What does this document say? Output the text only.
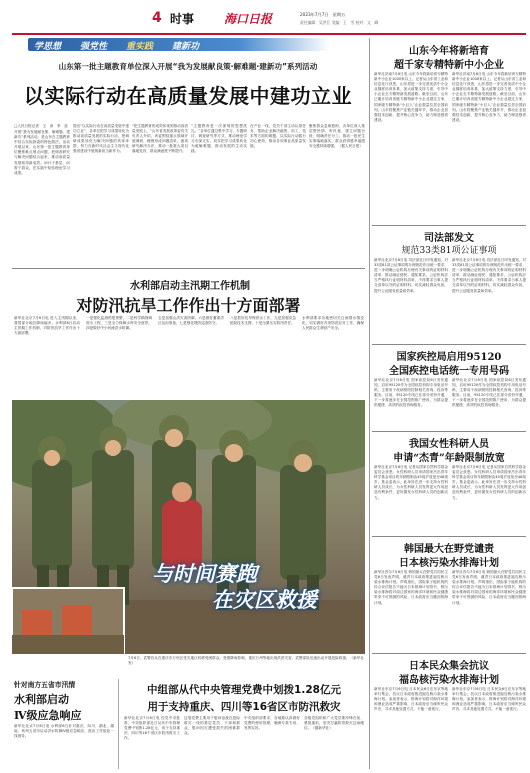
4 时事 海口日报	2023年7月7日　星期五
责任编辑：吴洪江 美编：王　雪 校对：文　峰
学思想 强党性 重实践 建新功
山东第一批主题教育单位深入开展“我为发展献良策·解难题·建新功”系列活动
以实际行动在高质量发展中建功立业
□人民日报记者　王　沛　李　蕊
开展“我为发展献良策、解难题、建新功”系列活动，是山东在主题教育中结合实际探索的特色做法。活动开展以来，山东第一批主题教育单位聚焦难点堵点问题，把调查研究与解决问题结合起来，推动高质量发展取得新成效。问计于基层、问需于群众，在实践中检验理论学习成果。
提出“以实际行动在高质量发展中建功立业”，各单位把学习成果转化为推动高质量发展的实际行动，把调研成果转化为解决问题的具体举措，努力在新时代社会主义现代化强省建设中展现新担当新作为。
“把主题教育的成效体现到推动高质量发展上。”山东省发展改革委有关负责人介绍，该委围绕重点领域开展调研，梳理形成问题清单，逐项研究解决办法，推动一批重大项目落地见效，群众满意度不断提升。
“主题教育是一次深刻的思想洗礼。”各单位通过集中学习、专题研讨、调查研究等方式，推动理论学习走深走实，切实把学习成果转化为破解难题、推动发展的生动实践。
在产业一线，党员干部主动认领任务，帮助企业解决融资、用工、技术等方面的难题，以实际行动践行初心使命，推动各项事业高质量发展。
聚焦群众急难愁盼，各单位深入基层察民情、听民意，建立问题台账，明确责任分工，推动一批民生实事落地落实，群众获得感幸福感安全感持续增强。（据人民日报）
水利部启动主汛期工作机制
对防汛抗旱工作作出十方面部署
新华社北京7月6日电 进入主汛期以来，我国部分地区降雨偏多，水利部6日启动主汛期工作机制，对防汛抗旱工作作出十方面部署。
一是强化监测预报预警，二是科学精细调度水工程，三是全力保障水库安全度汛，四是做好中小河流洪水防御。
五是加强山洪灾害防御，六是做好蓄滞洪区运用准备，七是强化堤防巡查防守。
八是抓好抗旱保供水工作，九是加强应急抢险技术支撑，十是压紧压实防汛责任。
水利部要求各地密切关注雨情水情变化，切实做好各项防范应对工作，确保人民群众生命财产安全。
与时间赛跑
在灾区救援
7月6日，武警官兵在重庆市万州区受灾地区转移受困群众。受强降雨影响，重庆万州等地出现洪涝灾害，武警部队迅速出动开展抢险救援。（新华社发）
针对南方五省市汛情
水利部启动
Ⅳ级应急响应
新华社北京7月6日电 水利部6日针对重庆、四川、湖北、湖南、贵州五省市启动洪水防御Ⅳ级应急响应，派出工作组赴一线指导。
中组部从代中央管理党费中划拨1.28亿元
用于支持重庆、四川等16省区市防汛救灾
新华社北京7月6日电 经党中央批准，中央组织部近日从代中央管理党费中划拨1.28亿元，用于支持重庆、四川等16个省区市防汛救灾工作。
这笔党费主要用于慰问奋战在抢险救灾一线的基层党员、干部和群众，慰问因灾遭受损失的困难群众。
中央组织部要求，各地要认真做好党费的使用管理，确保专款专用、发挥实效。
各级党组织和广大党员要冲锋在前、勇挑重担，坚决打赢防汛救灾这场硬仗。（据新华社）
山东今年将新培育
超千家专精特新中小企业
新华社济南7月6日电 山东今年将新培育专精特新中小企业1000家以上。记者从山东省工业和信息化厅获悉，山东将进一步完善优质中小企业梯度培育体系，加大政策支持力度，引导中小企业走专精特新发展道路。截至目前，山东已累计培育省级专精特新中小企业超过万家，国家级专精特新“小巨人”企业数量位居全国前列。山东将聚焦产业链关键环节，推动企业加强技术创新，提升核心竞争力，助力制造强省建设。
新华社济南7月6日电 山东今年将新培育专精特新中小企业1000家以上。记者从山东省工业和信息化厅获悉，山东将进一步完善优质中小企业梯度培育体系，加大政策支持力度，引导中小企业走专精特新发展道路。截至目前，山东已累计培育省级专精特新中小企业超过万家，国家级专精特新“小巨人”企业数量位居全国前列。山东将聚焦产业链关键环节，推动企业加强技术创新，提升核心竞争力，助力制造强省建设。
司法部发文
规范33类81项公证事项
新华社北京7月6日电 司法部近日印发通知，对33类81项公证事项的办理规范作出统一要求，进一步明确公证机构办理有关事项的证明材料清单，推动减证便民。通知要求，公证机构应当严格执行证明材料清单，不得要求当事人提交清单以外的证明材料，切实减轻群众负担，提升公证服务质量和效率。
新华社北京7月6日电 司法部近日印发通知，对33类81项公证事项的办理规范作出统一要求，进一步明确公证机构办理有关事项的证明材料清单，推动减证便民。通知要求，公证机构应当严格执行证明材料清单，不得要求当事人提交清单以外的证明材料，切实减轻群众负担，提升公证服务质量和效率。
国家疾控局启用95120
全国疾控电话统一专用号码
新华社北京7月6日电 国家疾控局6日发布通知，启用95120作为全国疾控机构专用电话号码，主要用于疾病预防控制相关咨询、投诉等服务。目前，95120专线已在部分省份开通，下一步将逐步在全国范围推广使用，为群众提供便捷、高效的疾控咨询服务。
新华社北京7月6日电 国家疾控局6日发布通知，启用95120作为全国疾控机构专用电话号码，主要用于疾病预防控制相关咨询、投诉等服务。目前，95120专线已在部分省份开通，下一步将逐步在全国范围推广使用，为群众提供便捷、高效的疾控咨询服务。
我国女性科研人员
申请“杰青”年龄限制放宽
新华社北京7月6日电 记者从国家自然科学基金委员会获悉，女性科研人员申请国家杰出青年科学基金项目的年龄限制由45周岁放宽至48周岁。基金委表示，此举旨在进一步支持女性科研人员成长，为女性科研人员发挥更大作用创造有利条件，更好激发女性科研人员的创新活力。
新华社北京7月6日电 记者从国家自然科学基金委员会获悉，女性科研人员申请国家杰出青年科学基金项目的年龄限制由45周岁放宽至48周岁。基金委表示，此举旨在进一步支持女性科研人员成长，为女性科研人员发挥更大作用创造有利条件，更好激发女性科研人员的创新活力。
韩国最大在野党谴责
日本核污染水排海计划
新华社首尔7月6日电 韩国最大在野党共同民主党6日发表声明，谴责日本政府推进福岛核污染水排海计划。声明指出，国际原子能机构的综合评估报告不能为日本排海计划背书，核污染水排海将对周边国家的海洋环境和民众健康带来不可预测的风险，日本政府应当撤回排海计划。
新华社首尔7月6日电 韩国最大在野党共同民主党6日发表声明，谴责日本政府推进福岛核污染水排海计划。声明指出，国际原子能机构的综合评估报告不能为日本排海计划背书，核污染水排海将对周边国家的海洋环境和民众健康带来不可预测的风险，日本政府应当撤回排海计划。
日本民众集会抗议
福岛核污染水排海计划
新华社东京7月6日电 日本民众6日在东京等地举行集会，抗议日本政府推进福岛核污染水排海计划。参加者表示，排海计划将对海洋环境和渔业造成严重影响，日本政府应当倾听民众声音，寻求其他处置方式，不能一意孤行。
新华社东京7月6日电 日本民众6日在东京等地举行集会，抗议日本政府推进福岛核污染水排海计划。参加者表示，排海计划将对海洋环境和渔业造成严重影响，日本政府应当倾听民众声音，寻求其他处置方式，不能一意孤行。
